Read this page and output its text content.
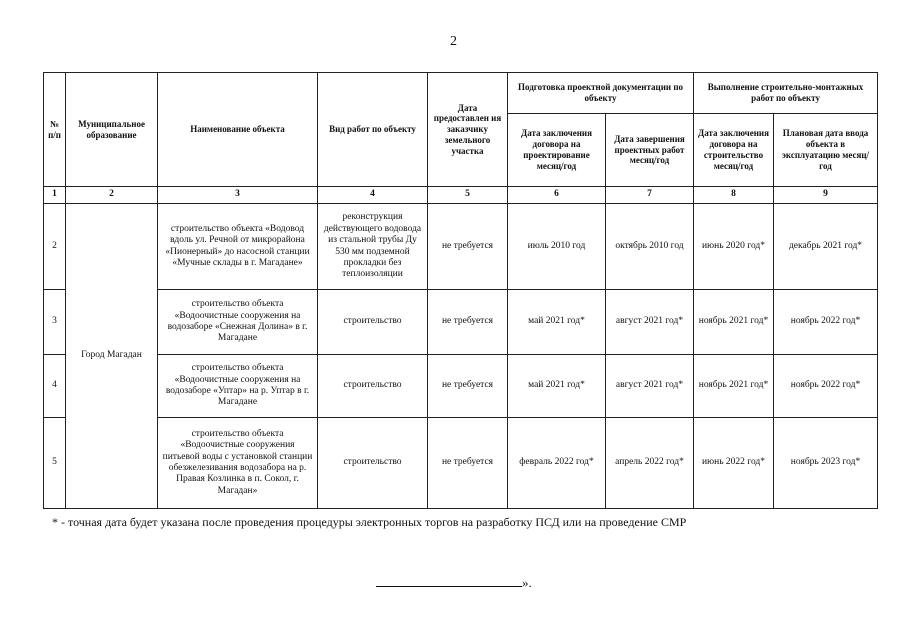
2
№ п/п	Муниципальное образование	Наименование объекта	Вид работ по объекту	Дата предоставлен ия заказчику земельного участка	Подготовка проектной документации по объекту		Выполнение строительно-монтажных работ по объекту	
					Дата заключения договора на проектирование месяц/год	Дата завершения проектных работ месяц/год	Дата заключения договора на строительство месяц/год	Плановая дата ввода объекта в эксплуатацию месяц/год
1	2	3	4	5	6	7	8	9
2	Город Магадан	строительство объекта «Водовод вдоль ул. Речной от микрорайона «Пионерный» до насосной станции «Мучные склады в г. Магадане»	реконструкция действующего водовода из стальной трубы Ду 530 мм подземной прокладки без теплоизоляции	не требуется	июль 2010 год	октябрь 2010 год	июнь 2020 год*	декабрь 2021 год*
3		строительство объекта «Водоочистные сооружения на водозаборе «Снежная Долина» в г. Магадане	строительство	не требуется	май 2021 год*	август 2021 год*	ноябрь 2021 год*	ноябрь 2022 год*
4		строительство объекта «Водоочистные сооружения на водозаборе «Уптар» на р. Уптар в г. Магадане	строительство	не требуется	май 2021 год*	август 2021 год*	ноябрь 2021 год*	ноябрь 2022 год*
5		строительство объекта «Водоочистные сооружения питьевой воды с установкой станции обезжелезивания водозабора на р. Правая Козлинка в п. Сокол, г. Магадан»	строительство	не требуется	февраль 2022 год*	апрель 2022 год*	июнь 2022 год*	ноябрь 2023 год*
* - точная дата будет указана после проведения процедуры электронных торгов на разработку ПСД или на проведение СМР
».
